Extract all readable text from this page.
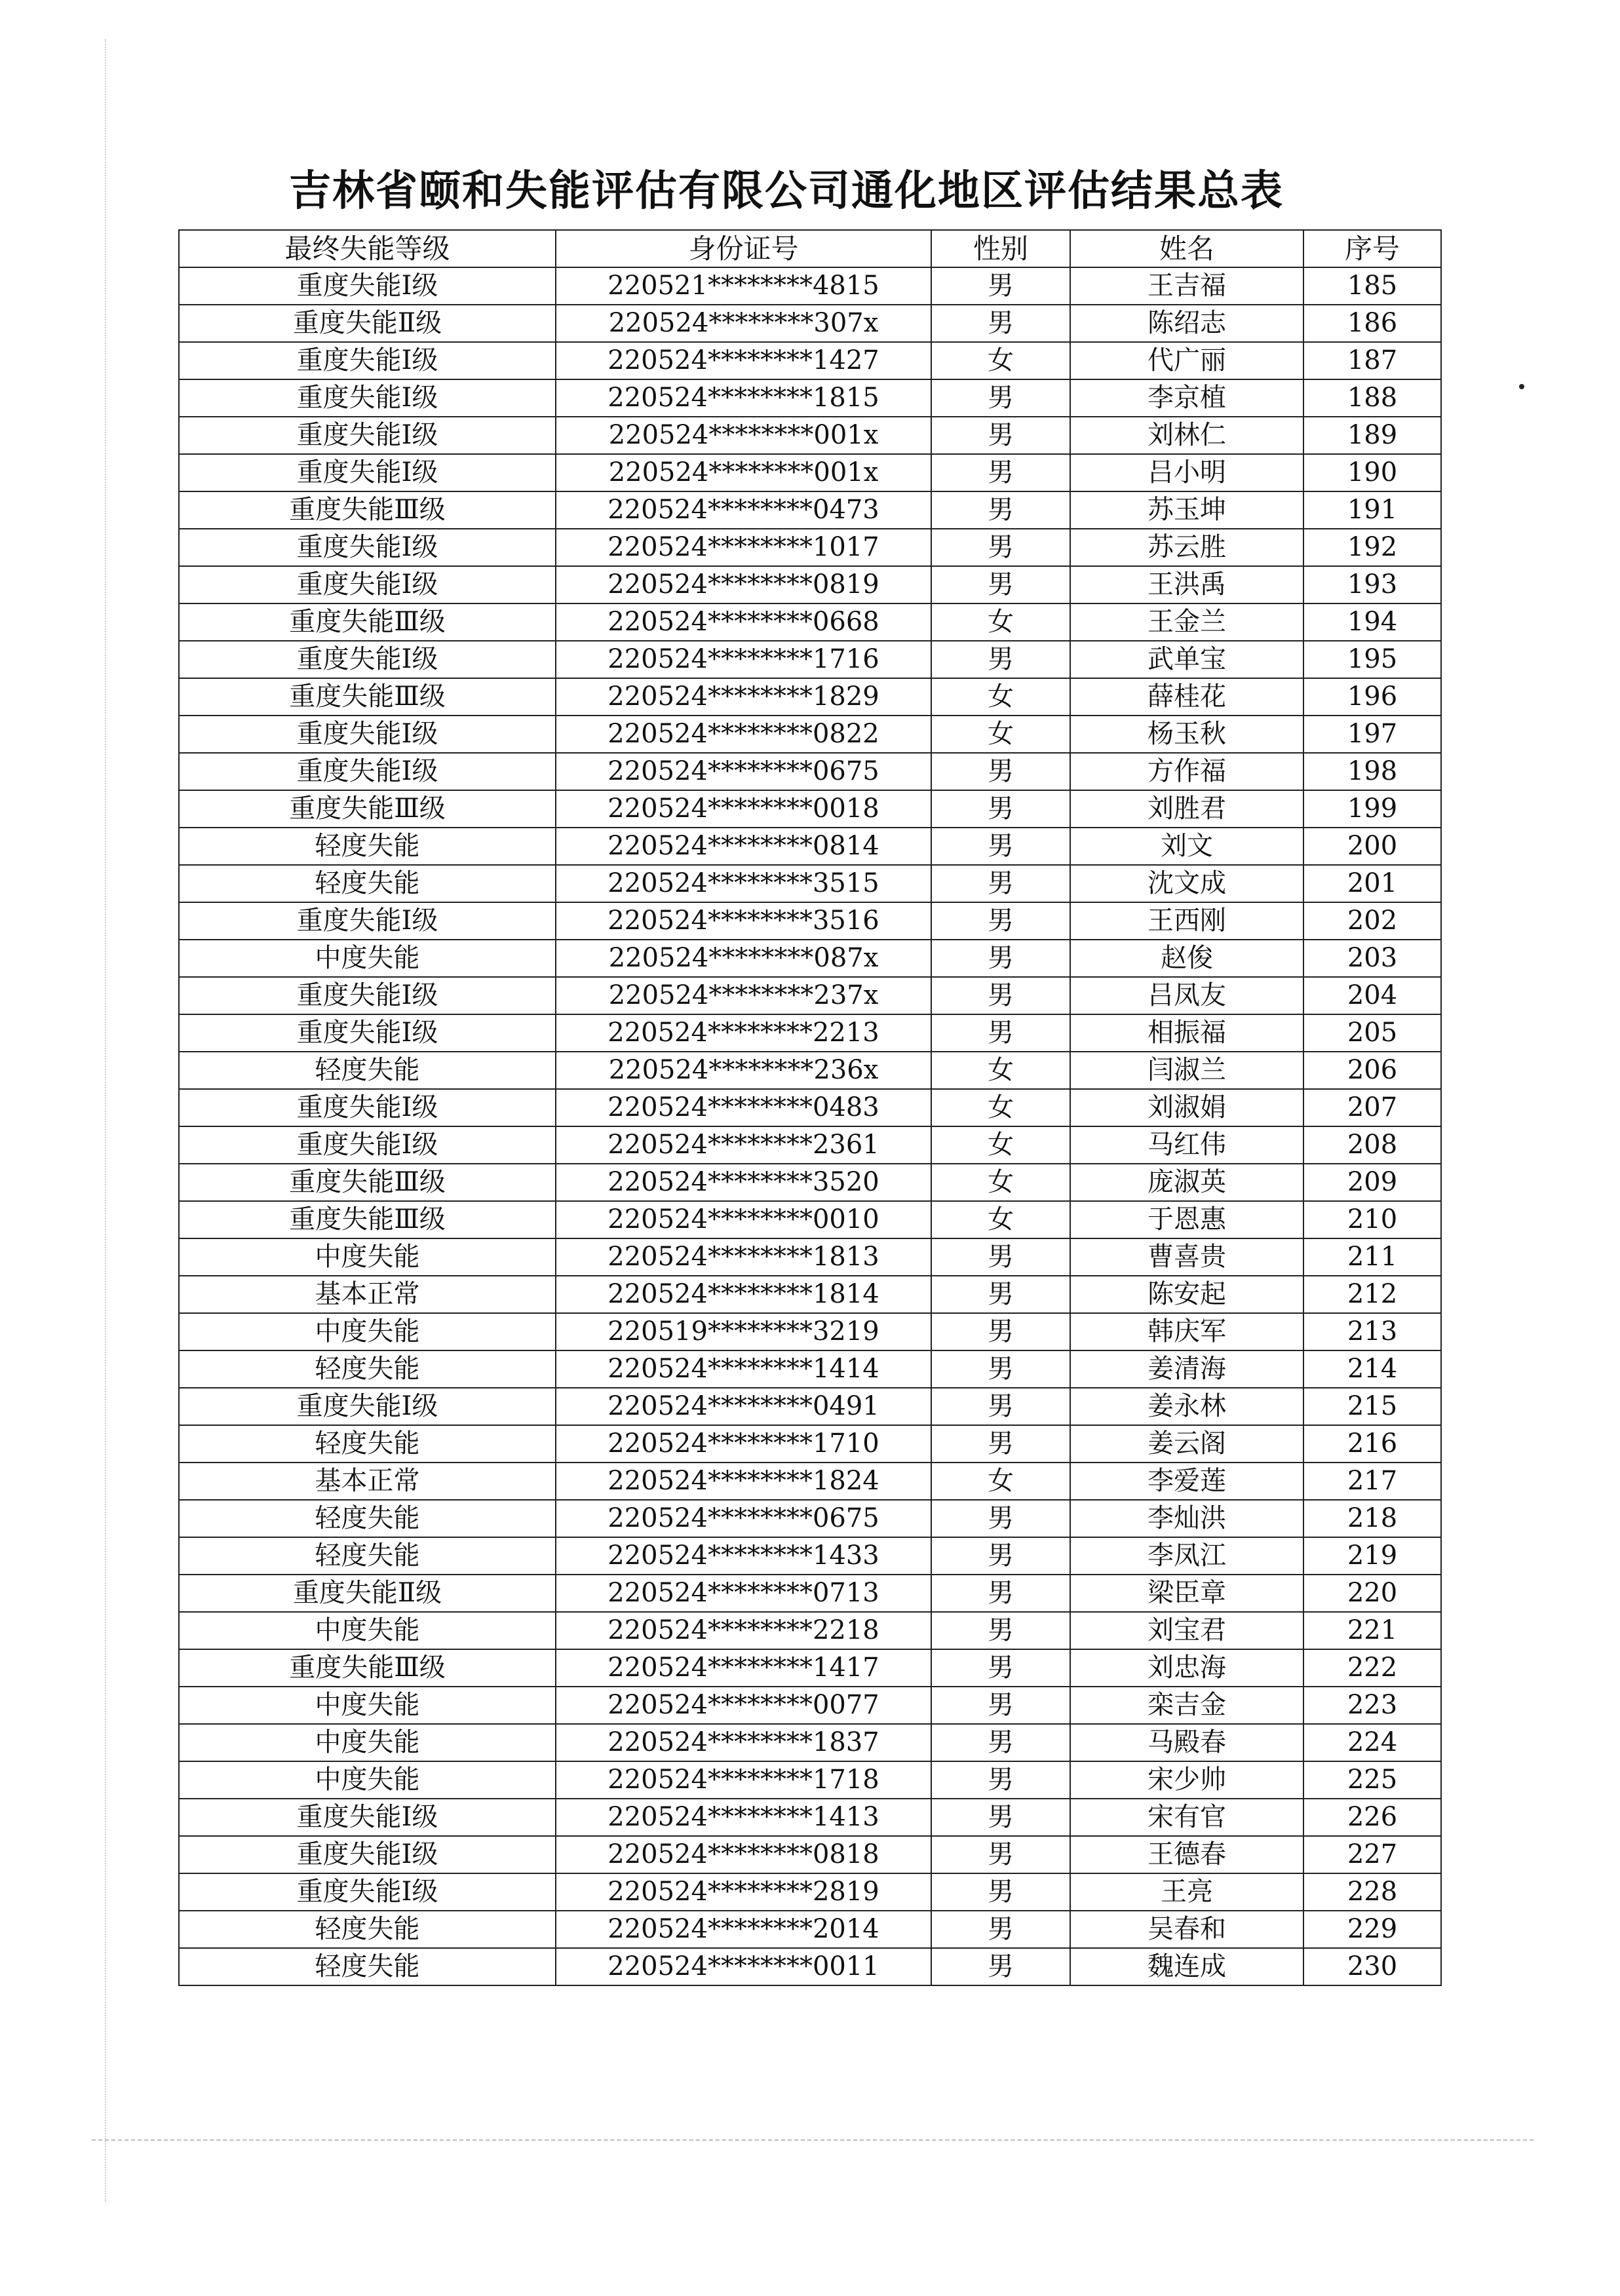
吉林省颐和失能评估有限公司通化地区评估结果总表
最终失能等级	身份证号	性别	姓名	序号
重度失能Ⅰ级	220521********4815	男	王吉福	185
重度失能Ⅱ级	220524********307x	男	陈绍志	186
重度失能Ⅰ级	220524********1427	女	代广丽	187
重度失能Ⅰ级	220524********1815	男	李京植	188
重度失能Ⅰ级	220524********001x	男	刘林仁	189
重度失能Ⅰ级	220524********001x	男	吕小明	190
重度失能Ⅲ级	220524********0473	男	苏玉坤	191
重度失能Ⅰ级	220524********1017	男	苏云胜	192
重度失能Ⅰ级	220524********0819	男	王洪禹	193
重度失能Ⅲ级	220524********0668	女	王金兰	194
重度失能Ⅰ级	220524********1716	男	武单宝	195
重度失能Ⅲ级	220524********1829	女	薛桂花	196
重度失能Ⅰ级	220524********0822	女	杨玉秋	197
重度失能Ⅰ级	220524********0675	男	方作福	198
重度失能Ⅲ级	220524********0018	男	刘胜君	199
轻度失能	220524********0814	男	刘文	200
轻度失能	220524********3515	男	沈文成	201
重度失能Ⅰ级	220524********3516	男	王西刚	202
中度失能	220524********087x	男	赵俊	203
重度失能Ⅰ级	220524********237x	男	吕凤友	204
重度失能Ⅰ级	220524********2213	男	相振福	205
轻度失能	220524********236x	女	闫淑兰	206
重度失能Ⅰ级	220524********0483	女	刘淑娟	207
重度失能Ⅰ级	220524********2361	女	马红伟	208
重度失能Ⅲ级	220524********3520	女	庞淑英	209
重度失能Ⅲ级	220524********0010	女	于恩惠	210
中度失能	220524********1813	男	曹喜贵	211
基本正常	220524********1814	男	陈安起	212
中度失能	220519********3219	男	韩庆军	213
轻度失能	220524********1414	男	姜清海	214
重度失能Ⅰ级	220524********0491	男	姜永林	215
轻度失能	220524********1710	男	姜云阁	216
基本正常	220524********1824	女	李爱莲	217
轻度失能	220524********0675	男	李灿洪	218
轻度失能	220524********1433	男	李凤江	219
重度失能Ⅱ级	220524********0713	男	梁臣章	220
中度失能	220524********2218	男	刘宝君	221
重度失能Ⅲ级	220524********1417	男	刘忠海	222
中度失能	220524********0077	男	栾吉金	223
中度失能	220524********1837	男	马殿春	224
中度失能	220524********1718	男	宋少帅	225
重度失能Ⅰ级	220524********1413	男	宋有官	226
重度失能Ⅰ级	220524********0818	男	王德春	227
重度失能Ⅰ级	220524********2819	男	王亮	228
轻度失能	220524********2014	男	吴春和	229
轻度失能	220524********0011	男	魏连成	230
